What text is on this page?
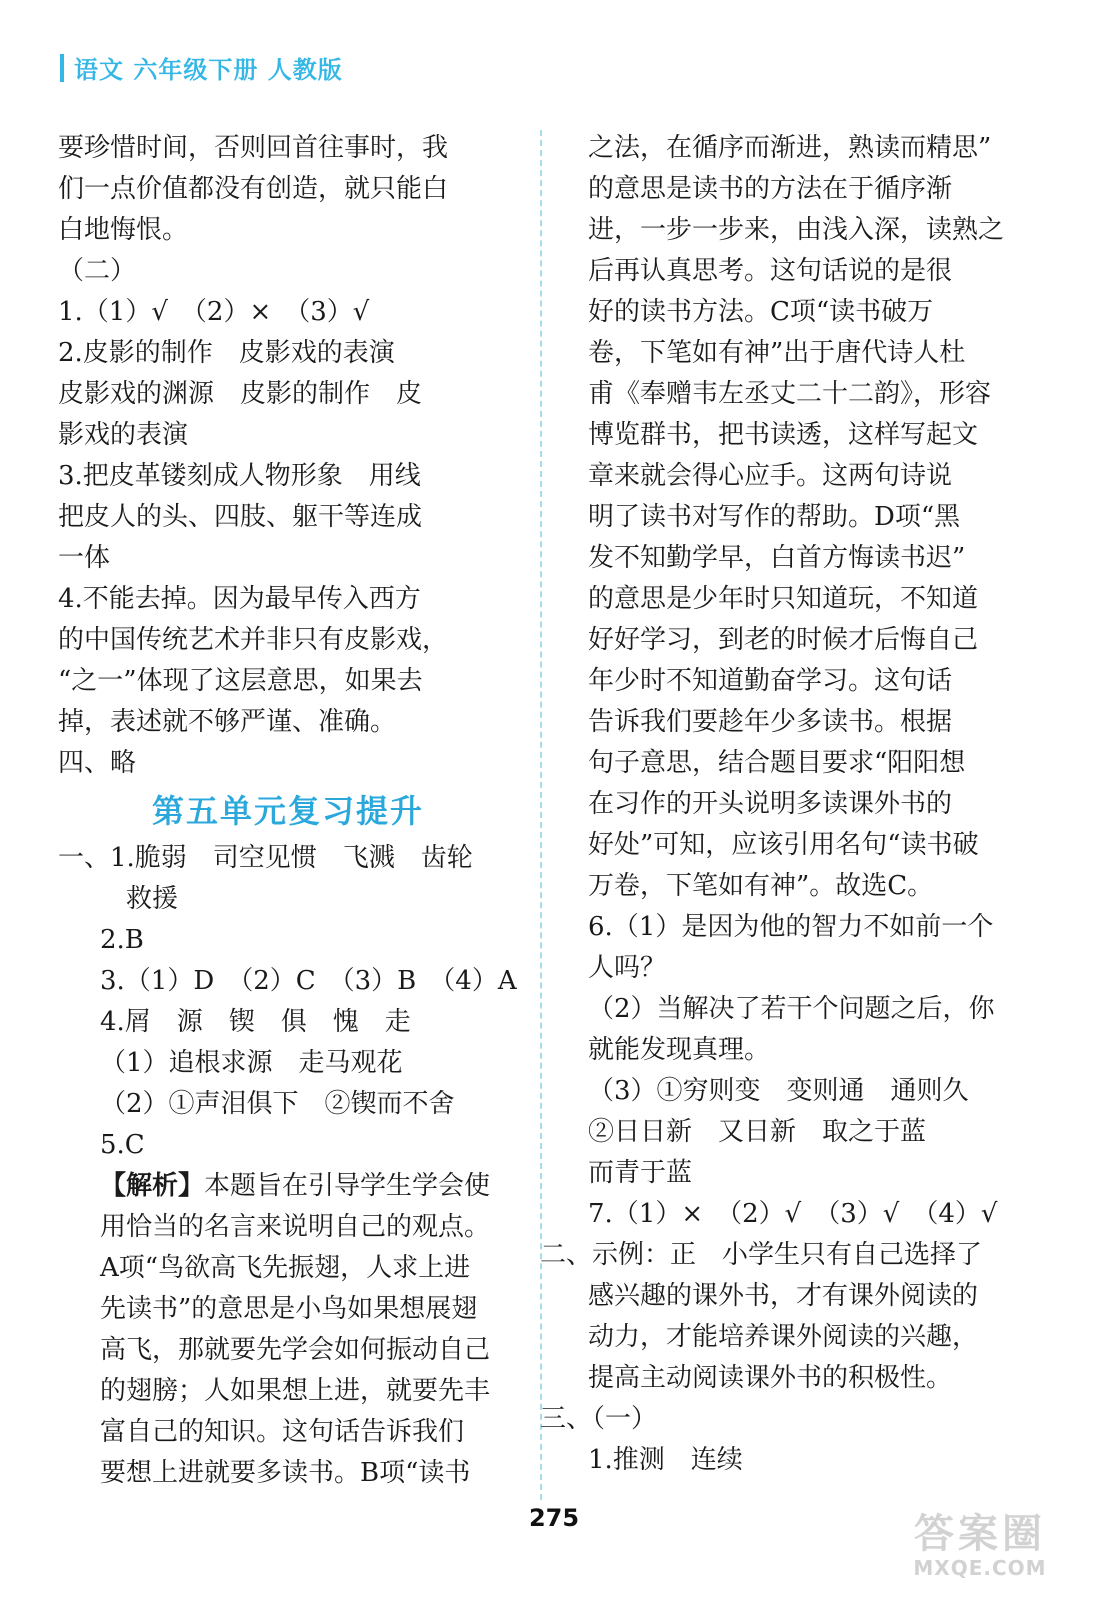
语文 六年级下册 人教版
要珍惜时间，否则回首往事时，我
们一点价值都没有创造，就只能白
白地悔恨。
（二）
1.（1）√　（2）×　（3）√
2.皮影的制作　皮影戏的表演
皮影戏的渊源　皮影的制作　皮
影戏的表演
3.把皮革镂刻成人物形象　用线
把皮人的头、四肢、躯干等连成
一体
4.不能去掉。因为最早传入西方
的中国传统艺术并非只有皮影戏，
“之一”体现了这层意思，如果去
掉，表述就不够严谨、准确。
四、略
第五单元复习提升
一、1.脆弱　司空见惯　飞溅　齿轮
救援
2.B
3.（1）D　（2）C　（3）B　（4）A
4.屑　源　锲　俱　愧　走
（1）追根求源　走马观花
（2）①声泪俱下　②锲而不舍
5.C
【解析】本题旨在引导学生学会使
用恰当的名言来说明自己的观点。
A项“鸟欲高飞先振翅，人求上进
先读书”的意思是小鸟如果想展翅
高飞，那就要先学会如何振动自己
的翅膀；人如果想上进，就要先丰
富自己的知识。这句话告诉我们
要想上进就要多读书。B项“读书
之法，在循序而渐进，熟读而精思”
的意思是读书的方法在于循序渐
进，一步一步来，由浅入深，读熟之
后再认真思考。这句话说的是很
好的读书方法。C项“读书破万
卷，下笔如有神”出于唐代诗人杜
甫《奉赠韦左丞丈二十二韵》，形容
博览群书，把书读透，这样写起文
章来就会得心应手。这两句诗说
明了读书对写作的帮助。D项“黑
发不知勤学早，白首方悔读书迟”
的意思是少年时只知道玩，不知道
好好学习，到老的时候才后悔自己
年少时不知道勤奋学习。这句话
告诉我们要趁年少多读书。根据
句子意思，结合题目要求“阳阳想
在习作的开头说明多读课外书的
好处”可知，应该引用名句“读书破
万卷，下笔如有神”。故选C。
6.（1）是因为他的智力不如前一个
人吗？
（2）当解决了若干个问题之后，你
就能发现真理。
（3）①穷则变　变则通　通则久
②日日新　又日新　取之于蓝
而青于蓝
7.（1）×　（2）√　（3）√　（4）√
二、示例：正　小学生只有自己选择了
感兴趣的课外书，才有课外阅读的
动力，才能培养课外阅读的兴趣，
提高主动阅读课外书的积极性。
三、（一）
1.推测　连续
275	答案圈
MXQE.COM
